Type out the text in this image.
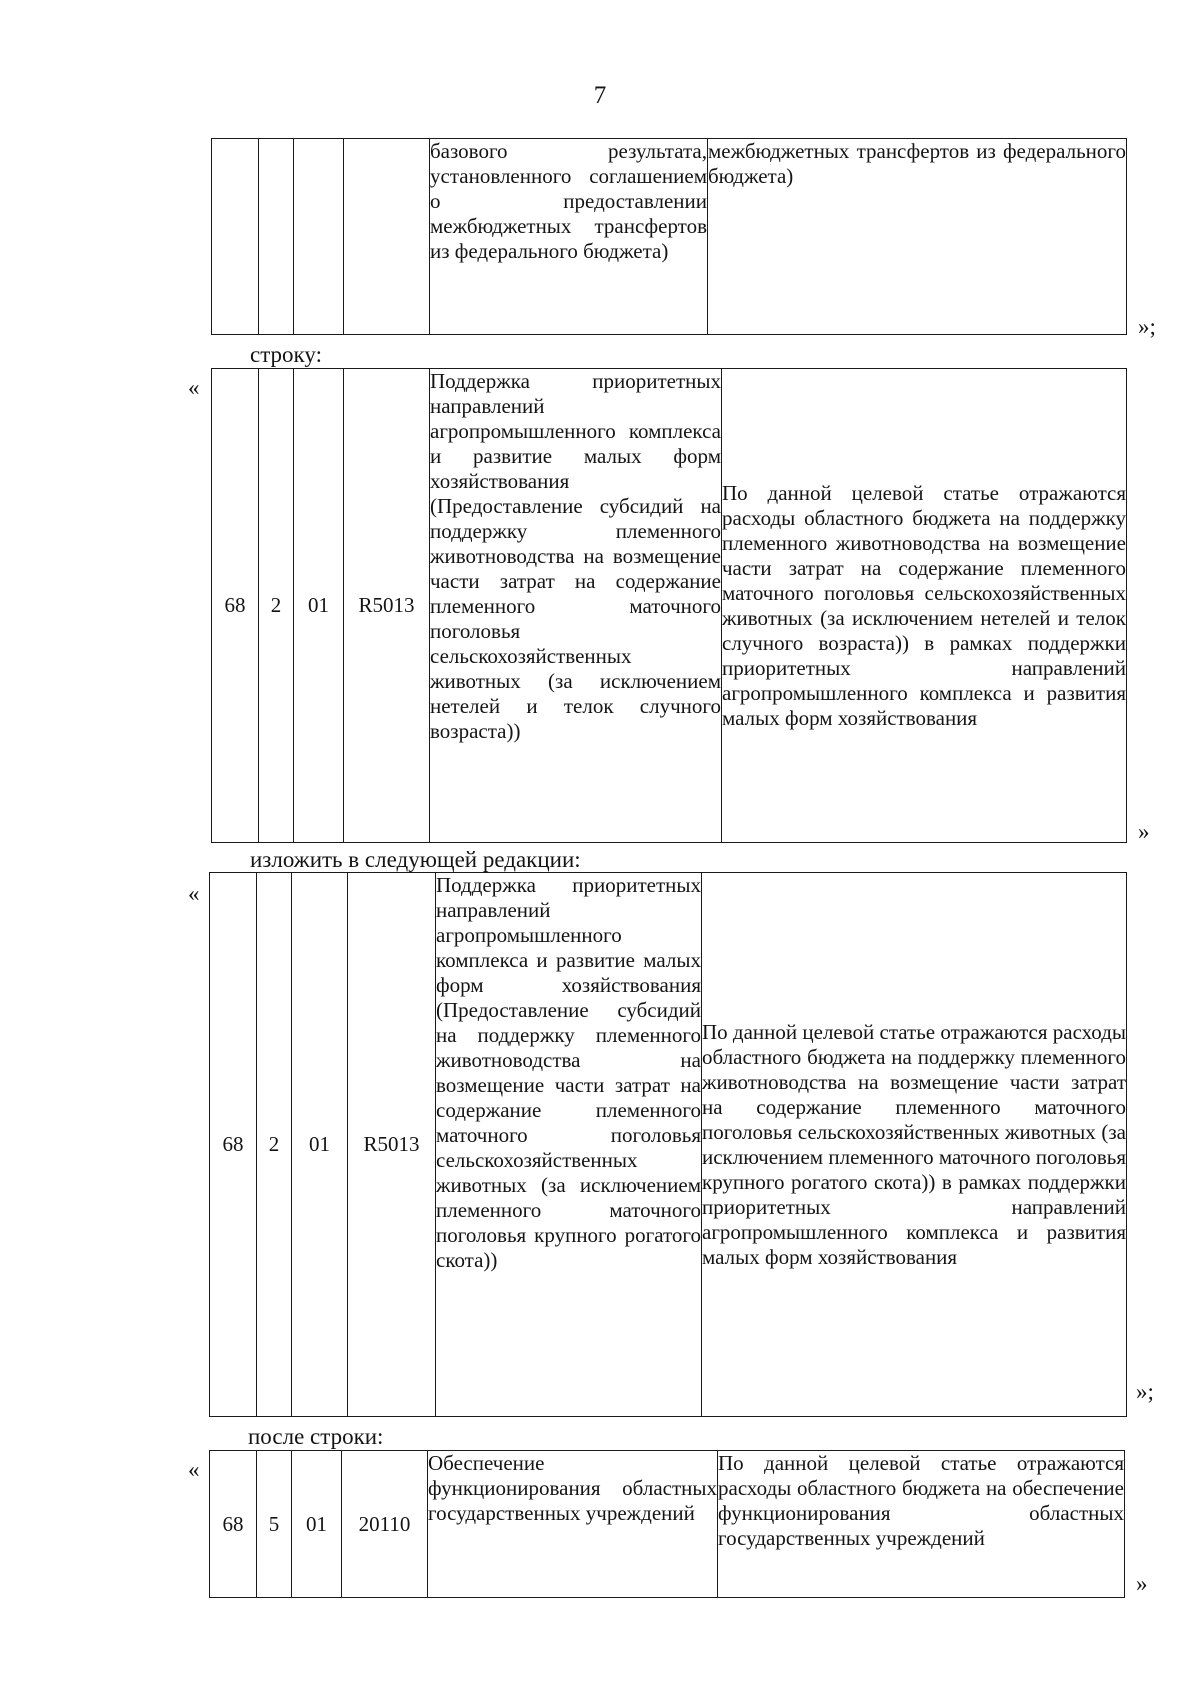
7
				базового результата, установленного соглашением о предоставлении межбюджетных трансфертов из федерального бюджета)	межбюджетных трансфертов из федерального бюджета)
»;
строку:
«
68	2	01	R5013	Поддержка приоритетных направлений агропромышленного комплекса и развитие малых форм хозяйствования (Предоставление субсидий на поддержку племенного животноводства на возмещение части затрат на содержание племенного маточного поголовья сельскохозяйственных животных (за исключением нетелей и телок случного возраста))	По данной целевой статье отражаются расходы областного бюджета на поддержку племенного животноводства на возмещение части затрат на содержание племенного маточного поголовья сельскохозяйственных животных (за исключением нетелей и телок случного возраста)) в рамках поддержки приоритетных направлений агропромышленного комплекса и развития малых форм хозяйствования
»
изложить в следующей редакции:
«
68	2	01	R5013	Поддержка приоритетных направлений агропромышленного комплекса и развитие малых форм хозяйствования (Предоставление субсидий на поддержку племенного животноводства на возмещение части затрат на содержание племенного маточного поголовья сельскохозяйственных животных (за исключением племенного маточного поголовья крупного рогатого скота))	По данной целевой статье отражаются расходы областного бюджета на поддержку племенного животноводства на возмещение части затрат на содержание племенного маточного поголовья сельскохозяйственных животных (за исключением племенного маточного поголовья крупного рогатого скота)) в рамках поддержки приоритетных направлений агропромышленного комплекса и развития малых форм хозяйствования
»;
после строки:
«
68	5	01	20110	Обеспечение функционирования областных государственных учреждений	По данной целевой статье отражаются расходы областного бюджета на обеспечение функционирования областных государственных учреждений
»
